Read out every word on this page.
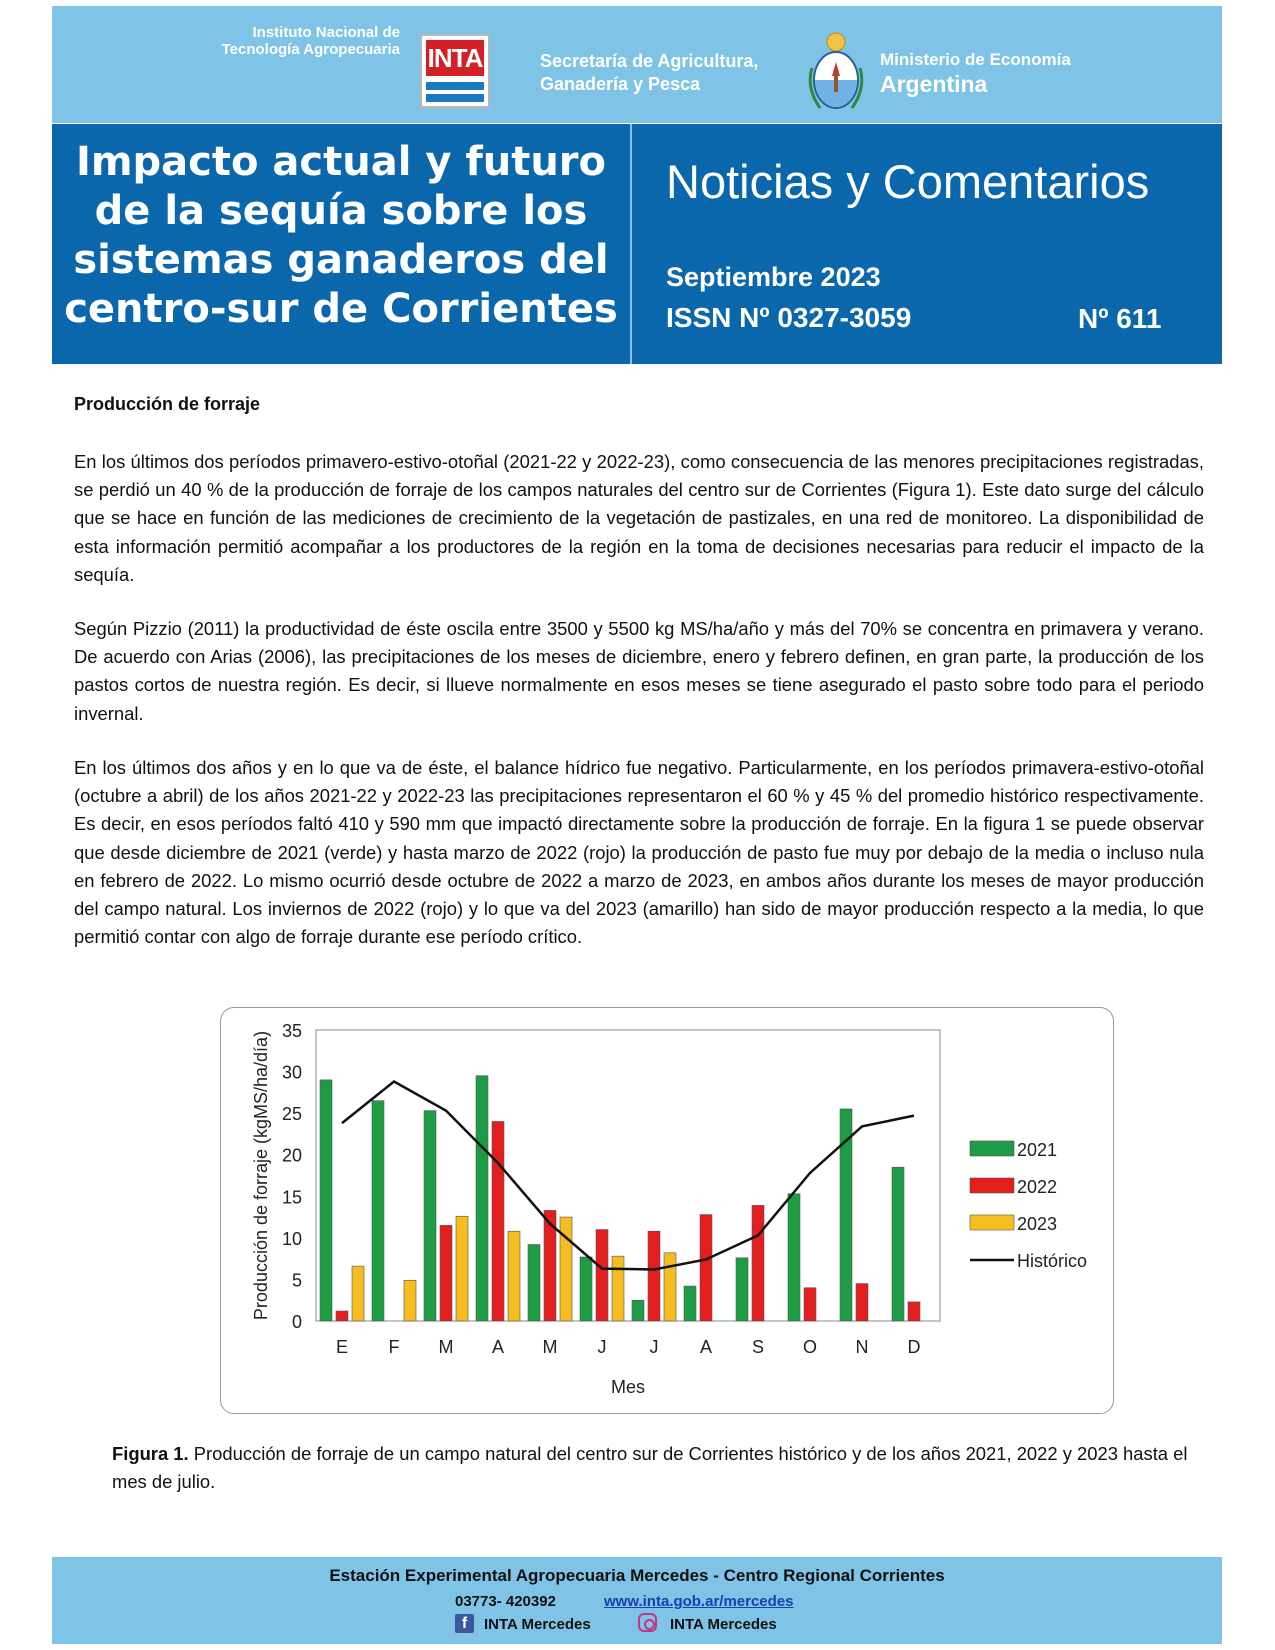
Instituto Nacional de
Tecnología Agropecuaria INTA	Secretaría de Agricultura,
Ganadería y Pesca
Ministerio de Economía
Argentina
Impacto actual y futuro
de la sequía sobre los
sistemas ganaderos del
centro-sur de Corrientes
Noticias y Comentarios
Septiembre 2023
ISSN Nº 0327-3059	Nº 611
Producción de forraje
En los últimos dos períodos primavero-estivo-otoñal (2021-22 y 2022-23), como consecuencia de las menores precipitaciones registradas, se perdió un 40 % de la producción de forraje de los campos naturales del centro sur de Corrientes (Figura 1). Este dato surge del cálculo que se hace en función de las mediciones de crecimiento de la vegetación de pastizales, en una red de monitoreo. La disponibilidad de esta información permitió acompañar a los productores de la región en la toma de decisiones necesarias para reducir el impacto de la sequía.
Según Pizzio (2011) la productividad de éste oscila entre 3500 y 5500 kg MS/ha/año y más del 70% se concentra en primavera y verano. De acuerdo con Arias (2006), las precipitaciones de los meses de diciembre, enero y febrero definen, en gran parte, la producción de los pastos cortos de nuestra región. Es decir, si llueve normalmente en esos meses se tiene asegurado el pasto sobre todo para el periodo invernal.
En los últimos dos años y en lo que va de éste, el balance hídrico fue negativo. Particularmente, en los períodos primavera-estivo-otoñal (octubre a abril) de los años 2021-22 y 2022-23 las precipitaciones representaron el 60 % y 45 % del promedio histórico respectivamente. Es decir, en esos períodos faltó 410 y 590 mm que impactó directamente sobre la producción de forraje. En la figura 1 se puede observar que desde diciembre de 2021 (verde) y hasta marzo de 2022 (rojo) la producción de pasto fue muy por debajo de la media o incluso nula en febrero de 2022. Lo mismo ocurrió desde octubre de 2022 a marzo de 2023, en ambos años durante los meses de mayor producción del campo natural. Los inviernos de 2022 (rojo) y lo que va del 2023 (amarillo) han sido de mayor producción respecto a la media, lo que permitió contar con algo de forraje durante ese período crítico.
0
5
10
15
20
25
30
35
E F M A M J J A S O N D
Mes
Producción de forraje (kgMS/ha/día)	2021
2022
2023
Histórico
Figura 1. Producción de forraje de un campo natural del centro sur de Corrientes histórico y de los años 2021, 2022 y 2023 hasta el mes de julio.
Estación Experimental Agropecuaria Mercedes - Centro Regional Corrientes
03773- 420392	www.inta.gob.ar/mercedes
f	INTA Mercedes	INTA Mercedes
